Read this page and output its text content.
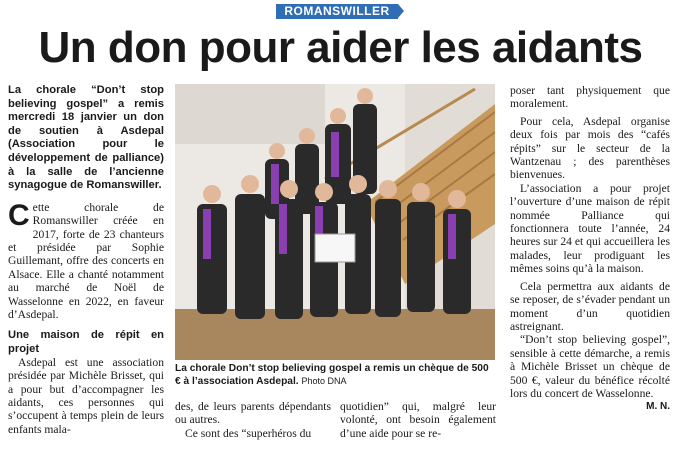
ROMANSWILLER
Un don pour aider les aidants

La chorale “Don’t stop believing gospel” a remis mercredi 18 janvier un don de soutien à Asdepal (Association pour le développement de palliance) à la salle de l’ancienne synagogue de Romanswiller.

Cette chorale de Romanswiller créée en 2017, forte de 23 chanteurs et présidée par Sophie Guillemant, offre des concerts en Alsace. Elle a chanté notamment au marché de Noël de Wasselonne en 2022, en faveur d’Asdepal.

Une maison de répit en projet

Asdepal est une association présidée par Michèle Brisset, qui a pour but d’accompagner les aidants, ces personnes qui s’occupent à temps plein de leurs enfants mala-

La chorale Don’t stop believing gospel a remis un chèque de 500 € à l’association Asdepal. Photo DNA

des, de leurs parents dépendants ou autres.

Ce sont des “superhéros du

quotidien” qui, malgré leur volonté, ont besoin également d’une aide pour se re-

poser tant physiquement que moralement.

Pour cela, Asdepal organise deux fois par mois des “cafés répits” sur le secteur de la Wantzenau ; des parenthèses bienvenues.

L’association a pour projet l’ouverture d’une maison de répit nommée Palliance qui fonctionnera toute l’année, 24 heures sur 24 et qui accueillera les malades, leur prodiguant les mêmes soins qu’à la maison.

Cela permettra aux aidants de se reposer, de s’évader pendant un moment d’un quotidien astreignant.

“Don’t stop believing gospel”, sensible à cette démarche, a remis à Michèle Brisset un chèque de 500 €, valeur du bénéfice récolté lors du concert de Wasselonne.

M. N.
